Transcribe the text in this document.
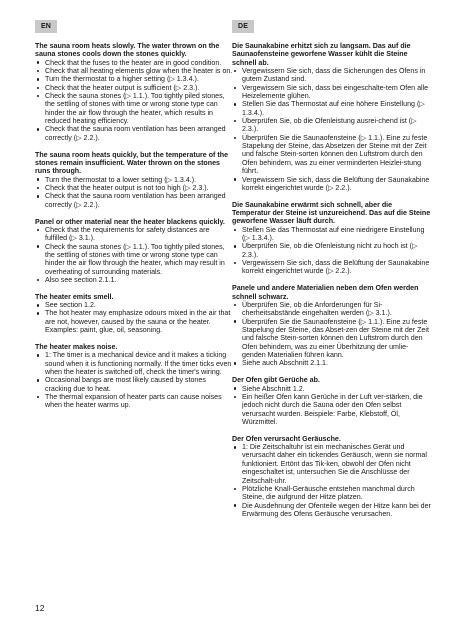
EN	DE

The sauna room heats slowly. The water thrown on the sauna stones cools down the stones quickly.

Check that the fuses to the heater are in good condition.
Check that all heating elements glow when the heater is on.
Turn the thermostat to a higher setting (▷ 1.3.4.).
Check that the heater output is sufficient (▷ 2.3.).
Check the sauna stones (▷ 1.1.). Too tightly piled stones, the settling of stones with time or wrong stone type can hinder the air flow through the heater, which results in reduced heating efficiency.
Check that the sauna room ventilation has been arranged correctly (▷ 2.2.).

The sauna room heats quickly, but the temperature of the stones remain insufficient. Water thrown on the stones runs through.

Turn the thermostat to a lower setting (▷ 1.3.4.).
Check that the heater output is not too high (▷ 2.3.).
Check that the sauna room ventilation has been arranged correctly (▷ 2.2.).

Panel or other material near the heater blackens quickly.

Check that the requirements for safety distances are fulfilled (▷ 3.1.).
Check the sauna stones (▷ 1.1.). Too tightly piled stones, the settling of stones with time or wrong stone type can hinder the air flow through the heater, which may result in overheating of surrounding materials.
Also see section 2.1.1.

The heater emits smell.

See section 1.2.
The hot heater may emphasize odours mixed in the air that are not, however, caused by the sauna or the heater. Examples: paint, glue, oil, seasoning.

The heater makes noise.

1: The timer is a mechanical device and it makes a ticking sound when it is functioning normally. If the timer ticks even when the heater is switched off, check the timer's wiring.
Occasional bangs are most likely caused by stones cracking due to heat.
The thermal expansion of heater parts can cause noises when the heater warms up.

Die Saunakabine erhitzt sich zu langsam. Das auf die Saunaofensteine geworfene Wasser kühlt die Steine schnell ab.

Vergewissern Sie sich, dass die Sicherungen des Ofens in gutem Zustand sind.
Vergewissern Sie sich, dass bei eingeschalte-tem Ofen alle Heizelemente glühen.
Stellen Sie das Thermostat auf eine höhere Einstellung (▷ 1.3.4.).
Überprüfen Sie, ob die Ofenleistung ausrei-chend ist (▷ 2.3.).
Überprüfen Sie die Saunaofensteine (▷ 1.1.). Eine zu feste Stapelung der Steine, das Absetzen der Steine mit der Zeit und falsche Stein-sorten können den Luftstrom durch den Ofen behindern, was zu einer verminderten Heizlei-stung führt.
Vergewissern Sie sich, dass die Belüftung der Saunakabine korrekt eingerichtet wurde (▷ 2.2.).

Die Saunakabine erwärmt sich schnell, aber die Temperatur der Steine ist unzureichend. Das auf die Steine geworfene Wasser läuft durch.

Stellen Sie das Thermostat auf eine niedrigere Einstellung (▷ 1.3.4.).
Überprüfen Sie, ob die Ofenleistung nicht zu hoch ist (▷ 2.3.).
Vergewissern Sie sich, dass die Belüftung der Saunakabine korrekt eingerichtet wurde (▷ 2.2.).

Panele und andere Materialien neben dem Ofen werden schnell schwarz.

Überprüfen Sie, ob die Anforderungen für Si-cherheitsabstände eingehalten werden (▷ 3.1.).
Überprüfen Sie die Saunaofensteine (▷ 1.1.). Eine zu feste Stapelung der Steine, das Abset-zen der Steine mit der Zeit und falsche Stein-sorten können den Luftstrom durch den Ofen behindern, was zu einer Überhitzung der umlie-genden Materialien führen kann.
Siehe auch Abschnitt 2.1.1.

Der Ofen gibt Gerüche ab.

Siehe Abschnitt 1.2.
Ein heißer Ofen kann Gerüche in der Luft ver-stärken, die jedoch nicht durch die Sauna oder den Ofen selbst verursacht wurden. Beispiele: Farbe, Klebstoff, Öl, Würzmittel.

Der Ofen verursacht Geräusche.

1: Die Zeitschaltuhr ist ein mechanisches Gerät und verursacht daher ein tickendes Geräusch, wenn sie normal funktioniert. Ertönt das Tik-ken, obwohl der Ofen nicht eingeschaltet ist, untersuchen Sie die Anschlüsse der Zeitschalt-uhr.
Plötzliche Knall-Geräusche entstehen manchmal durch Steine, die aufgrund der Hitze platzen.
Die Ausdehnung der Ofenteile wegen der Hitze kann bei der Erwärmung des Ofens Geräusche verursachen.
12
